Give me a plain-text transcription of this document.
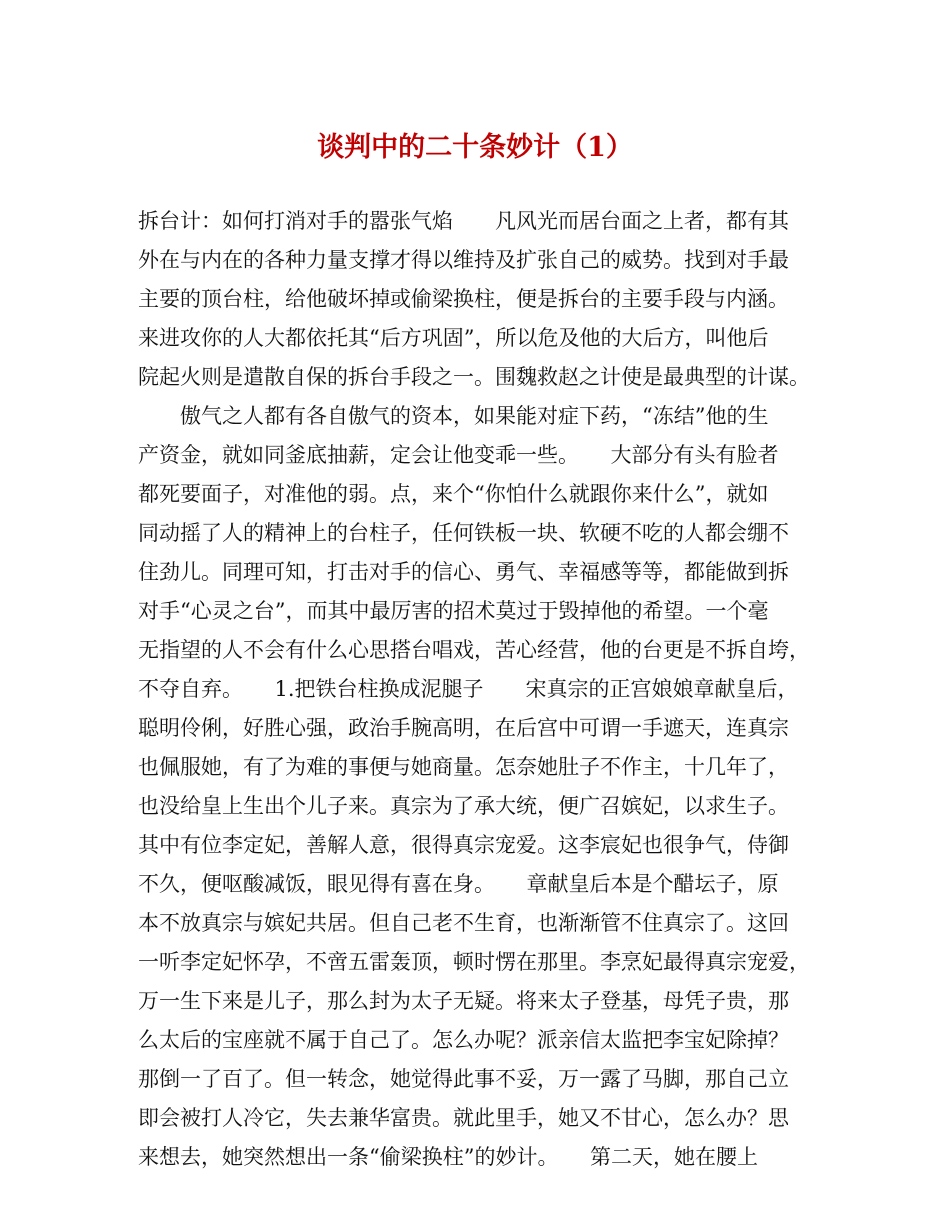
谈判中的二十条妙计（1）
拆台计：如何打消对手的嚣张气焰　　凡风光而居台面之上者，都有其
外在与内在的各种力量支撑才得以维持及扩张自己的威势。找到对手最
主要的顶台柱，给他破坏掉或偷梁换柱，便是拆台的主要手段与内涵。
来进攻你的人大都依托其“后方巩固”，所以危及他的大后方，叫他后
院起火则是遣散自保的拆台手段之一。围魏救赵之计使是最典型的计谋。
　　傲气之人都有各自傲气的资本，如果能对症下药，“冻结”他的生
产资金，就如同釜底抽薪，定会让他变乖一些。　　大部分有头有脸者
都死要面子，对准他的弱。点，来个“你怕什么就跟你来什么”，就如
同动摇了人的精神上的台柱子，任何铁板一块、软硬不吃的人都会绷不
住劲儿。同理可知，打击对手的信心、勇气、幸福感等等，都能做到拆
对手“心灵之台”，而其中最厉害的招术莫过于毁掉他的希望。一个毫
无指望的人不会有什么心思搭台唱戏，苦心经营，他的台更是不拆自垮，
不夺自弃。　　1.把铁台柱换成泥腿子　　宋真宗的正宫娘娘章献皇后，
聪明伶俐，好胜心强，政治手腕高明，在后宫中可谓一手遮天，连真宗
也佩服她，有了为难的事便与她商量。怎奈她肚子不作主，十几年了，
也没给皇上生出个儿子来。真宗为了承大统，便广召嫔妃，以求生子。
其中有位李定妃，善解人意，很得真宗宠爱。这李宸妃也很争气，侍御
不久，便呕酸减饭，眼见得有喜在身。　　章献皇后本是个醋坛子，原
本不放真宗与嫔妃共居。但自己老不生育，也渐渐管不住真宗了。这回
一听李定妃怀孕，不啻五雷轰顶，顿时愣在那里。李烹妃最得真宗宠爱，
万一生下来是儿子，那么封为太子无疑。将来太子登基，母凭子贵，那
么太后的宝座就不属于自己了。怎么办呢？派亲信太监把李宝妃除掉？
那倒一了百了。但一转念，她觉得此事不妥，万一露了马脚，那自己立
即会被打人冷它，失去兼华富贵。就此里手，她又不甘心，怎么办？思
来想去，她突然想出一条“偷梁换柱”的妙计。　　第二天，她在腰上
